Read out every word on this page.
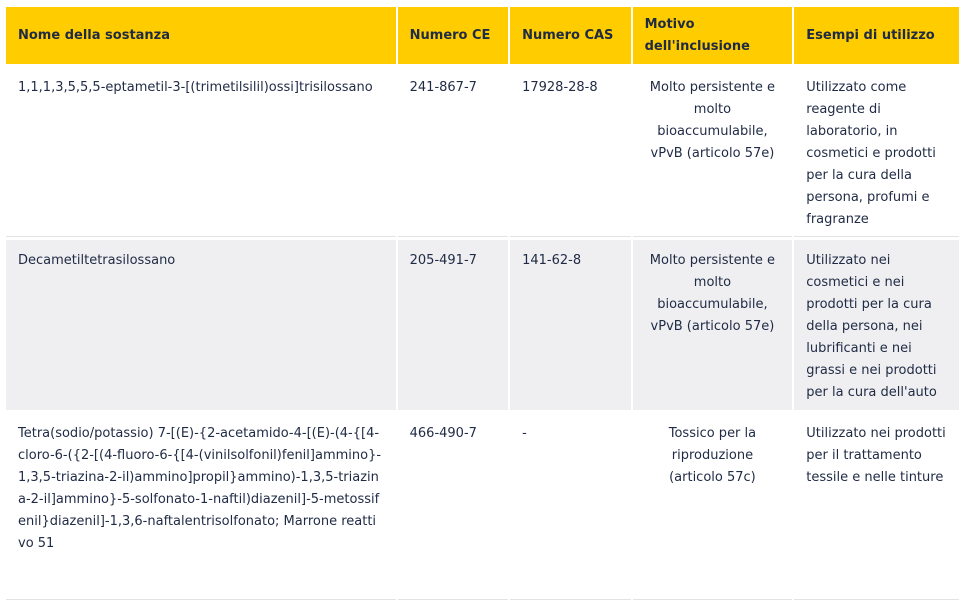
Nome della sostanza	Numero CE	Numero CAS	Motivo dell'inclusione	Esempi di utilizzo
1,1,1,3,5,5,5-eptametil-3-[(trimetilsilil)ossi]trisilossano	241-867-7	17928-28-8	Molto persistente e molto bioaccumulabile, vPvB (articolo 57e)	Utilizzato come reagente di laboratorio, in cosmetici e prodotti per la cura della persona, profumi e fragranze
Decametiltetrasilossano	205-491-7	141-62-8	Molto persistente e molto bioaccumulabile, vPvB (articolo 57e)	Utilizzato nei cosmetici e nei prodotti per la cura della persona, nei lubrificanti e nei grassi e nei prodotti per la cura dell'auto
Tetra(sodio/potassio) 7-[(E)-{2-acetamido-4-[(E)-(4-{[4-cloro-6-({2-[(4-fluoro-6-{[4-(vinilsolfonil)fenil]ammino}-1,3,5-triazina-2-il)ammino]propil}ammino)-1,3,5-triazina-2-il]ammino}-5-solfonato-1-naftil)diazenil]-5-metossifenil}diazenil]-1,3,6-naftalentrisolfonato; Marrone reattivo 51	466-490-7	-	Tossico per la riproduzione (articolo 57c)	Utilizzato nei prodotti per il trattamento tessile e nelle tinture
